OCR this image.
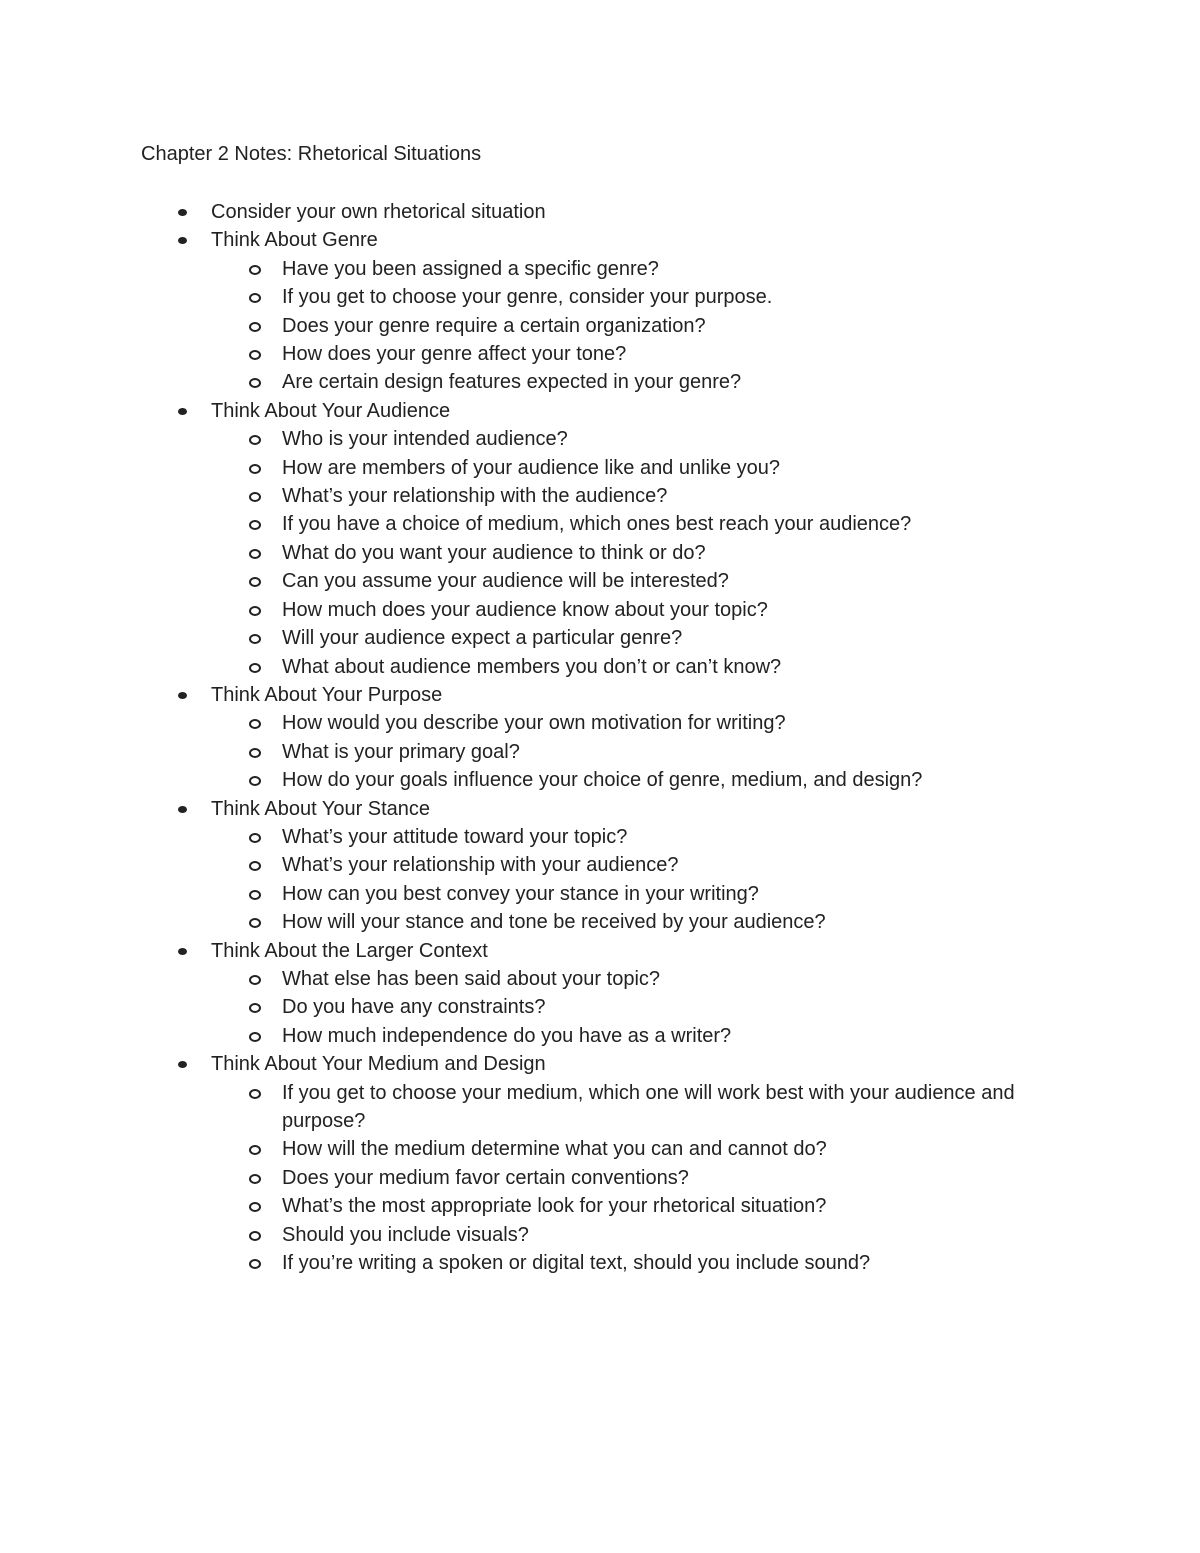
Chapter 2 Notes: Rhetorical Situations
Consider your own rhetorical situation
Think About Genre
Have you been assigned a specific genre?
If you get to choose your genre, consider your purpose.
Does your genre require a certain organization?
How does your genre affect your tone?
Are certain design features expected in your genre?
Think About Your Audience
Who is your intended audience?
How are members of your audience like and unlike you?
What’s your relationship with the audience?
If you have a choice of medium, which ones best reach your audience?
What do you want your audience to think or do?
Can you assume your audience will be interested?
How much does your audience know about your topic?
Will your audience expect a particular genre?
What about audience members you don’t or can’t know?
Think About Your Purpose
How would you describe your own motivation for writing?
What is your primary goal?
How do your goals influence your choice of genre, medium, and design?
Think About Your Stance
What’s your attitude toward your topic?
What’s your relationship with your audience?
How can you best convey your stance in your writing?
How will your stance and tone be received by your audience?
Think About the Larger Context
What else has been said about your topic?
Do you have any constraints?
How much independence do you have as a writer?
Think About Your Medium and Design
If you get to choose your medium, which one will work best with your audience and purpose?
How will the medium determine what you can and cannot do?
Does your medium favor certain conventions?
What’s the most appropriate look for your rhetorical situation?
Should you include visuals?
If you’re writing a spoken or digital text, should you include sound?
